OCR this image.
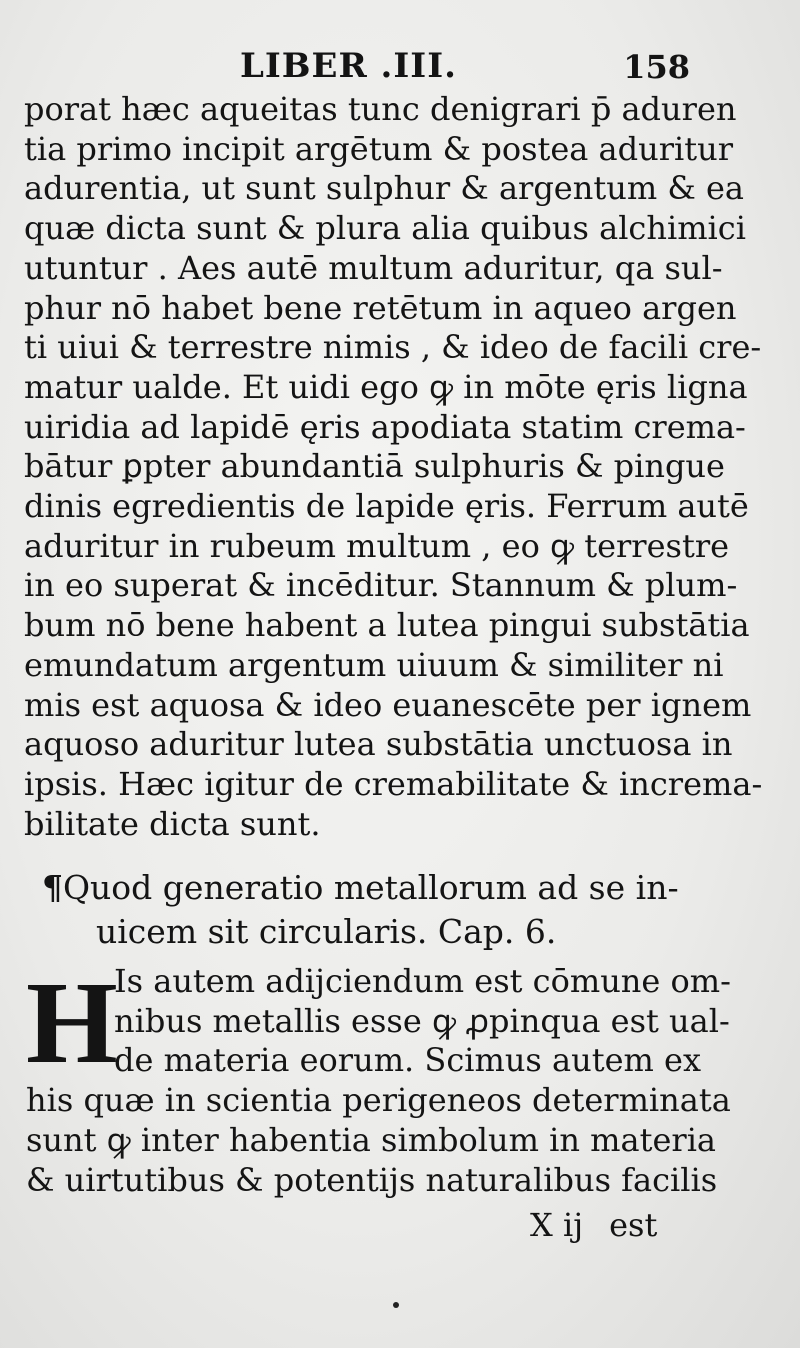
LIBER .III.	158
porat hæc aqueitas tunc denigrari p̄ aduren
tia primo incipit argētum & postea aduritur
adurentia, ut sunt sulphur & argentum & ea
quæ dicta sunt & plura alia quibus alchimici
utuntur . Aes autē multum aduritur, qa sul-
phur nō habet bene retētum in aqueo argen
ti uiui & terrestre nimis , & ideo de facili cre-
matur ualde. Et uidi ego ꝙ in mōte ęris ligna
uiridia ad lapidē ęris apodiata statim crema-
bātur ꝑpter abundantiā sulphuris & pingue
dinis egredientis de lapide ęris. Ferrum autē
aduritur in rubeum multum , eo ꝙ terrestre
in eo superat & incēditur. Stannum & plum-
bum nō bene habent a lutea pingui substātia
emundatum argentum uiuum & similiter ni
mis est aquosa & ideo euanescēte per ignem
aquoso aduritur lutea substātia unctuosa in
ipsis. Hæc igitur de cremabilitate & increma-
bilitate dicta sunt.
¶Quod generatio metallorum ad se in-
uicem sit circularis. Cap. 6.
H
Is autem adijciendum est cōmune om-
nibus metallis esse ꝙ ꝓpinqua est ual-
de materia eorum. Scimus autem ex
his quæ in scientia perigeneos determinata
sunt ꝙ inter habentia simbolum in materia
& uirtutibus & potentijs naturalibus facilis
X ij est
